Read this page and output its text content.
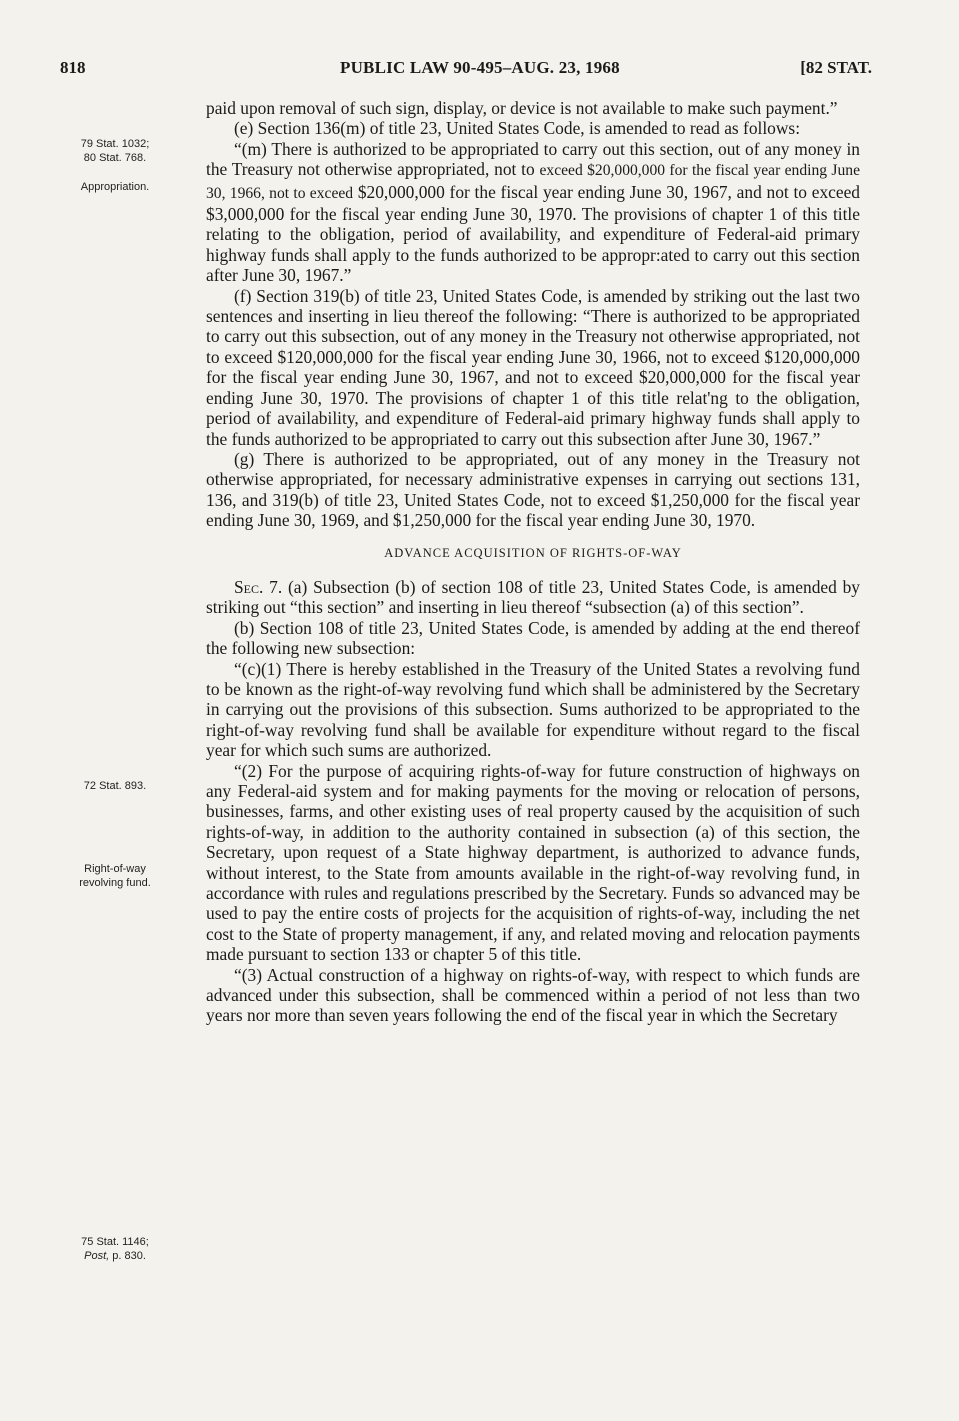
818	PUBLIC LAW 90-495–AUG. 23, 1968	[82 STAT.
79 Stat. 1032;
80 Stat. 768.
Appropriation.
72 Stat. 893.
Right-of-way
revolving fund.
75 Stat. 1146;
Post, p. 830.

paid upon removal of such sign, display, or device is not available to make such payment.”

(e) Section 136(m) of title 23, United States Code, is amended to read as follows:

“(m) There is authorized to be appropriated to carry out this section, out of any money in the Treasury not otherwise appropriated, not to exceed $20,000,000 for the fiscal year ending June 30, 1966, not to exceed $20,000,000 for the fiscal year ending June 30, 1967, and not to exceed $3,000,000 for the fiscal year ending June 30, 1970. The provisions of chapter 1 of this title relating to the obligation, period of availability, and expenditure of Federal-aid primary highway funds shall apply to the funds authorized to be appropr:ated to carry out this section after June 30, 1967.”

(f) Section 319(b) of title 23, United States Code, is amended by striking out the last two sentences and inserting in lieu thereof the following: “There is authorized to be appropriated to carry out this subsection, out of any money in the Treasury not otherwise appropriated, not to exceed $120,000,000 for the fiscal year ending June 30, 1966, not to exceed $120,000,000 for the fiscal year ending June 30, 1967, and not to exceed $20,000,000 for the fiscal year ending June 30, 1970. The provisions of chapter 1 of this title relat'ng to the obligation, period of availability, and expenditure of Federal-aid primary highway funds shall apply to the funds authorized to be appropriated to carry out this subsection after June 30, 1967.”

(g) There is authorized to be appropriated, out of any money in the Treasury not otherwise appropriated, for necessary administrative expenses in carrying out sections 131, 136, and 319(b) of title 23, United States Code, not to exceed $1,250,000 for the fiscal year ending June 30, 1969, and $1,250,000 for the fiscal year ending June 30, 1970.

ADVANCE ACQUISITION OF RIGHTS-OF-WAY

Sec. 7. (a) Subsection (b) of section 108 of title 23, United States Code, is amended by striking out “this section” and inserting in lieu thereof “subsection (a) of this section”.

(b) Section 108 of title 23, United States Code, is amended by adding at the end thereof the following new subsection:

“(c)(1) There is hereby established in the Treasury of the United States a revolving fund to be known as the right-of-way revolving fund which shall be administered by the Secretary in carrying out the provisions of this subsection. Sums authorized to be appropriated to the right-of-way revolving fund shall be available for expenditure without regard to the fiscal year for which such sums are authorized.

“(2) For the purpose of acquiring rights-of-way for future construction of highways on any Federal-aid system and for making payments for the moving or relocation of persons, businesses, farms, and other existing uses of real property caused by the acquisition of such rights-of-way, in addition to the authority contained in subsection (a) of this section, the Secretary, upon request of a State highway department, is authorized to advance funds, without interest, to the State from amounts available in the right-of-way revolving fund, in accordance with rules and regulations prescribed by the Secretary. Funds so advanced may be used to pay the entire costs of projects for the acquisition of rights-of-way, including the net cost to the State of property management, if any, and related moving and relocation payments made pursuant to section 133 or chapter 5 of this title.

“(3) Actual construction of a highway on rights-of-way, with respect to which funds are advanced under this subsection, shall be commenced within a period of not less than two years nor more than seven years following the end of the fiscal year in which the Secretary
